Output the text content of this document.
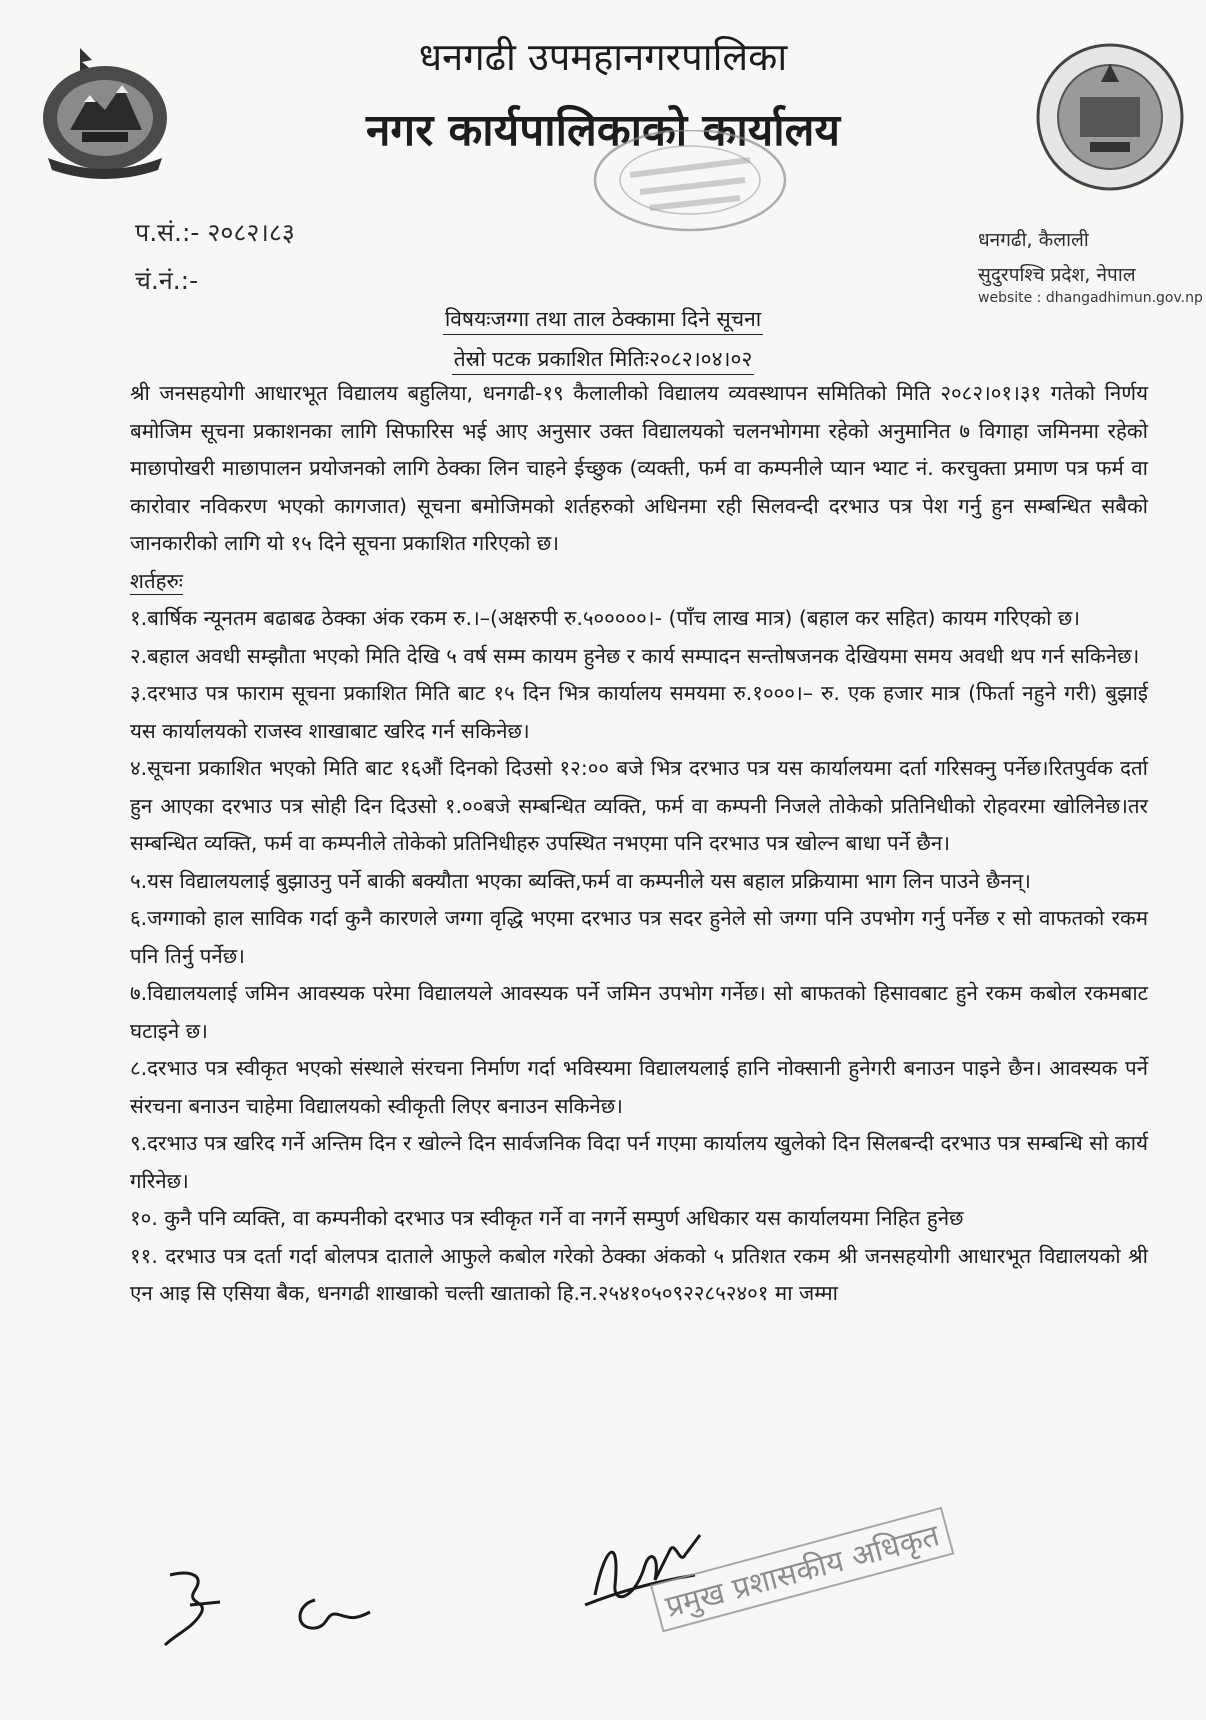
धनगढी उपमहानगरपालिका
नगर कार्यपालिकाको कार्यालय
प.सं.:- २०८२।८३
चं.नं.:-
धनगढी, कैलाली
सुदुरपश्चि प्रदेश, नेपाल
website : dhangadhimun.gov.np
विषयःजग्गा तथा ताल ठेक्कामा दिने सूचना
तेस्रो पटक प्रकाशित मितिः२०८२।०४।०२

श्री जनसहयोगी आधारभूत विद्यालय बहुलिया, धनगढी-१९ कैलालीको विद्यालय व्यवस्थापन समितिको मिति २०८२।०१।३१ गतेको निर्णय बमोजिम सूचना प्रकाशनका लागि सिफारिस भई आए अनुसार उक्त विद्यालयको चलनभोगमा रहेको अनुमानित ७ विगाहा जमिनमा रहेको माछापोखरी माछापालन प्रयोजनको लागि ठेक्का लिन चाहने ईच्छुक (व्यक्ती, फर्म वा कम्पनीले प्यान भ्याट नं. करचुक्ता प्रमाण पत्र फर्म वा कारोवार नविकरण भएको कागजात) सूचना बमोजिमको शर्तहरुको अधिनमा रही सिलवन्दी दरभाउ पत्र पेश गर्नु हुन सम्बन्धित सबैको जानकारीको लागि यो १५ दिने सूचना प्रकाशित गरिएको छ।

शर्तहरुः

१.बार्षिक न्यूनतम बढाबढ ठेक्का अंक रकम रु.।–(अक्षरुपी रु.५०००००।- (पाँच लाख मात्र) (बहाल कर सहित) कायम गरिएको छ।

२.बहाल अवधी सम्झौता भएको मिति देखि ५ वर्ष सम्म कायम हुनेछ र कार्य सम्पादन सन्तोषजनक देखियमा समय अवधी थप गर्न सकिनेछ।

३.दरभाउ पत्र फाराम सूचना प्रकाशित मिति बाट १५ दिन भित्र कार्यालय समयमा रु.१०००।– रु. एक हजार मात्र (फिर्ता नहुने गरी) बुझाई यस कार्यालयको राजस्व शाखाबाट खरिद गर्न सकिनेछ।

४.सूचना प्रकाशित भएको मिति बाट १६औं दिनको दिउसो १२:०० बजे भित्र दरभाउ पत्र यस कार्यालयमा दर्ता गरिसक्नु पर्नेछ।रितपुर्वक दर्ता हुन आएका दरभाउ पत्र सोही दिन दिउसो १.००बजे सम्बन्धित व्यक्ति, फर्म वा कम्पनी निजले तोकेको प्रतिनिधीको रोहवरमा खोलिनेछ।तर सम्बन्धित व्यक्ति, फर्म वा कम्पनीले तोकेको प्रतिनिधीहरु उपस्थित नभएमा पनि दरभाउ पत्र खोल्न बाधा पर्ने छैन।

५.यस विद्यालयलाई बुझाउनु पर्ने बाकी बक्यौता भएका ब्यक्ति,फर्म वा कम्पनीले यस बहाल प्रक्रियामा भाग लिन पाउने छैनन्।

६.जग्गाको हाल साविक गर्दा कुनै कारणले जग्गा वृद्धि भएमा दरभाउ पत्र सदर हुनेले सो जग्गा पनि उपभोग गर्नु पर्नेछ र सो वाफतको रकम पनि तिर्नु पर्नेछ।

७.विद्यालयलाई जमिन आवस्यक परेमा विद्यालयले आवस्यक पर्ने जमिन उपभोग गर्नेछ। सो बाफतको हिसावबाट हुने रकम कबोल रकमबाट घटाइने छ।

८.दरभाउ पत्र स्वीकृत भएको संस्थाले संरचना निर्माण गर्दा भविस्यमा विद्यालयलाई हानि नोक्सानी हुनेगरी बनाउन पाइने छैन। आवस्यक पर्ने संरचना बनाउन चाहेमा विद्यालयको स्वीकृती लिएर बनाउन सकिनेछ।

९.दरभाउ पत्र खरिद गर्ने अन्तिम दिन र खोल्ने दिन सार्वजनिक विदा पर्न गएमा कार्यालय खुलेको दिन सिलबन्दी दरभाउ पत्र सम्बन्धि सो कार्य गरिनेछ।

१०. कुनै पनि व्यक्ति, वा कम्पनीको दरभाउ पत्र स्वीकृत गर्ने वा नगर्ने सम्पुर्ण अधिकार यस कार्यालयमा निहित हुनेछ

११. दरभाउ पत्र दर्ता गर्दा बोलपत्र दाताले आफुले कबोल गरेको ठेक्का अंकको ५ प्रतिशत रकम श्री जनसहयोगी आधारभूत विद्यालयको श्री एन आइ सि एसिया बैक, धनगढी शाखाको चल्ती खाताको हि.न.२५४१०५०९२२८५२४०१ मा जम्मा

प्रमुख प्रशासकीय अधिकृत
